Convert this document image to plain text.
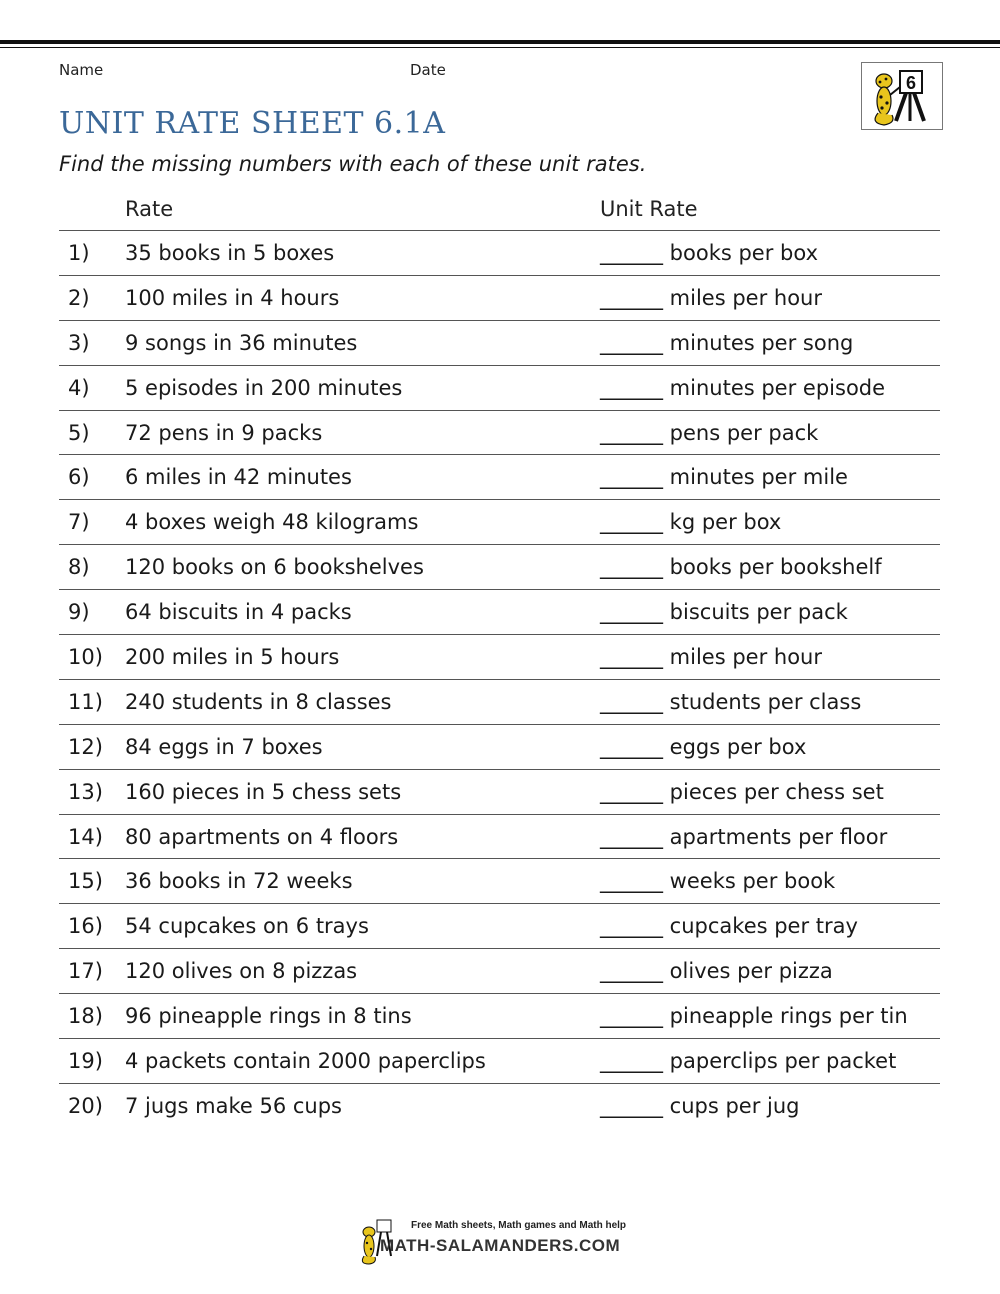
Name	Date
6
UNIT RATE SHEET 6.1A
Find the missing numbers with each of these unit rates.
Rate	Unit Rate
1) 35 books in 5 boxes	______ books per box
2) 100 miles in 4 hours	______ miles per hour
3) 9 songs in 36 minutes	______ minutes per song
4) 5 episodes in 200 minutes	______ minutes per episode
5) 72 pens in 9 packs	______ pens per pack
6) 6 miles in 42 minutes	______ minutes per mile
7) 4 boxes weigh 48 kilograms	______ kg per box
8) 120 books on 6 bookshelves	______ books per bookshelf
9) 64 biscuits in 4 packs	______ biscuits per pack
10) 200 miles in 5 hours	______ miles per hour
11) 240 students in 8 classes	______ students per class
12) 84 eggs in 7 boxes	______ eggs per box
13) 160 pieces in 5 chess sets	______ pieces per chess set
14) 80 apartments on 4 floors	______ apartments per floor
15) 36 books in 72 weeks	______ weeks per book
16) 54 cupcakes on 6 trays	______ cupcakes per tray
17) 120 olives on 8 pizzas	______ olives per pizza
18) 96 pineapple rings in 8 tins	______ pineapple rings per tin
19) 4 packets contain 2000 paperclips	______ paperclips per packet
20) 7 jugs make 56 cups	______ cups per jug
Free Math sheets, Math games and Math help
MATH-SALAMANDERS.COM
